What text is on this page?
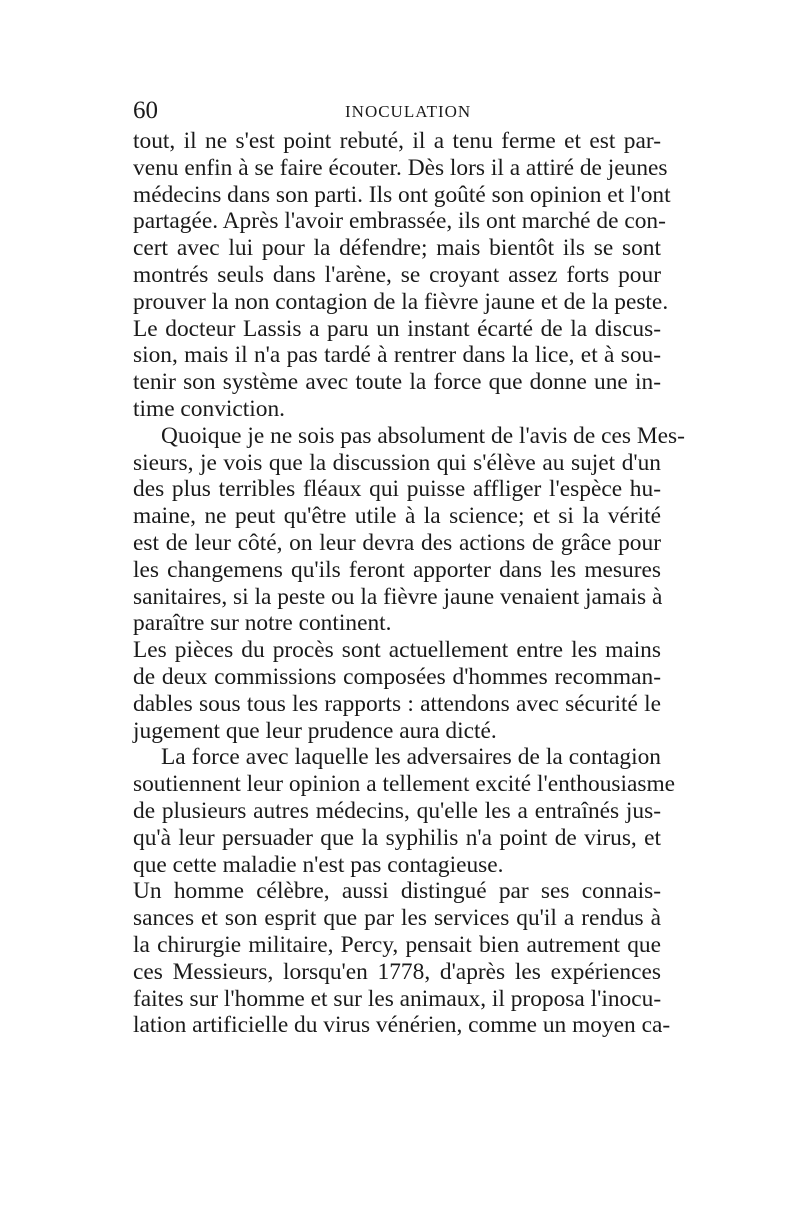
60	INOCULATION
tout, il ne s'est point rebuté, il a tenu ferme et est par-
venu enfin à se faire écouter. Dès lors il a attiré de jeunes
médecins dans son parti. Ils ont goûté son opinion et l'ont
partagée. Après l'avoir embrassée, ils ont marché de con-
cert avec lui pour la défendre; mais bientôt ils se sont
montrés seuls dans l'arène, se croyant assez forts pour
prouver la non contagion de la fièvre jaune et de la peste.
Le docteur Lassis a paru un instant écarté de la discus-
sion, mais il n'a pas tardé à rentrer dans la lice, et à sou-
tenir son système avec toute la force que donne une in-
time conviction.
Quoique je ne sois pas absolument de l'avis de ces Mes-
sieurs, je vois que la discussion qui s'élève au sujet d'un
des plus terribles fléaux qui puisse affliger l'espèce hu-
maine, ne peut qu'être utile à la science; et si la vérité
est de leur côté, on leur devra des actions de grâce pour
les changemens qu'ils feront apporter dans les mesures
sanitaires, si la peste ou la fièvre jaune venaient jamais à
paraître sur notre continent.
Les pièces du procès sont actuellement entre les mains
de deux commissions composées d'hommes recomman-
dables sous tous les rapports : attendons avec sécurité le
jugement que leur prudence aura dicté.
La force avec laquelle les adversaires de la contagion
soutiennent leur opinion a tellement excité l'enthousiasme
de plusieurs autres médecins, qu'elle les a entraînés jus-
qu'à leur persuader que la syphilis n'a point de virus, et
que cette maladie n'est pas contagieuse.
Un homme célèbre, aussi distingué par ses connais-
sances et son esprit que par les services qu'il a rendus à
la chirurgie militaire, Percy, pensait bien autrement que
ces Messieurs, lorsqu'en 1778, d'après les expériences
faites sur l'homme et sur les animaux, il proposa l'inocu-
lation artificielle du virus vénérien, comme un moyen ca-
